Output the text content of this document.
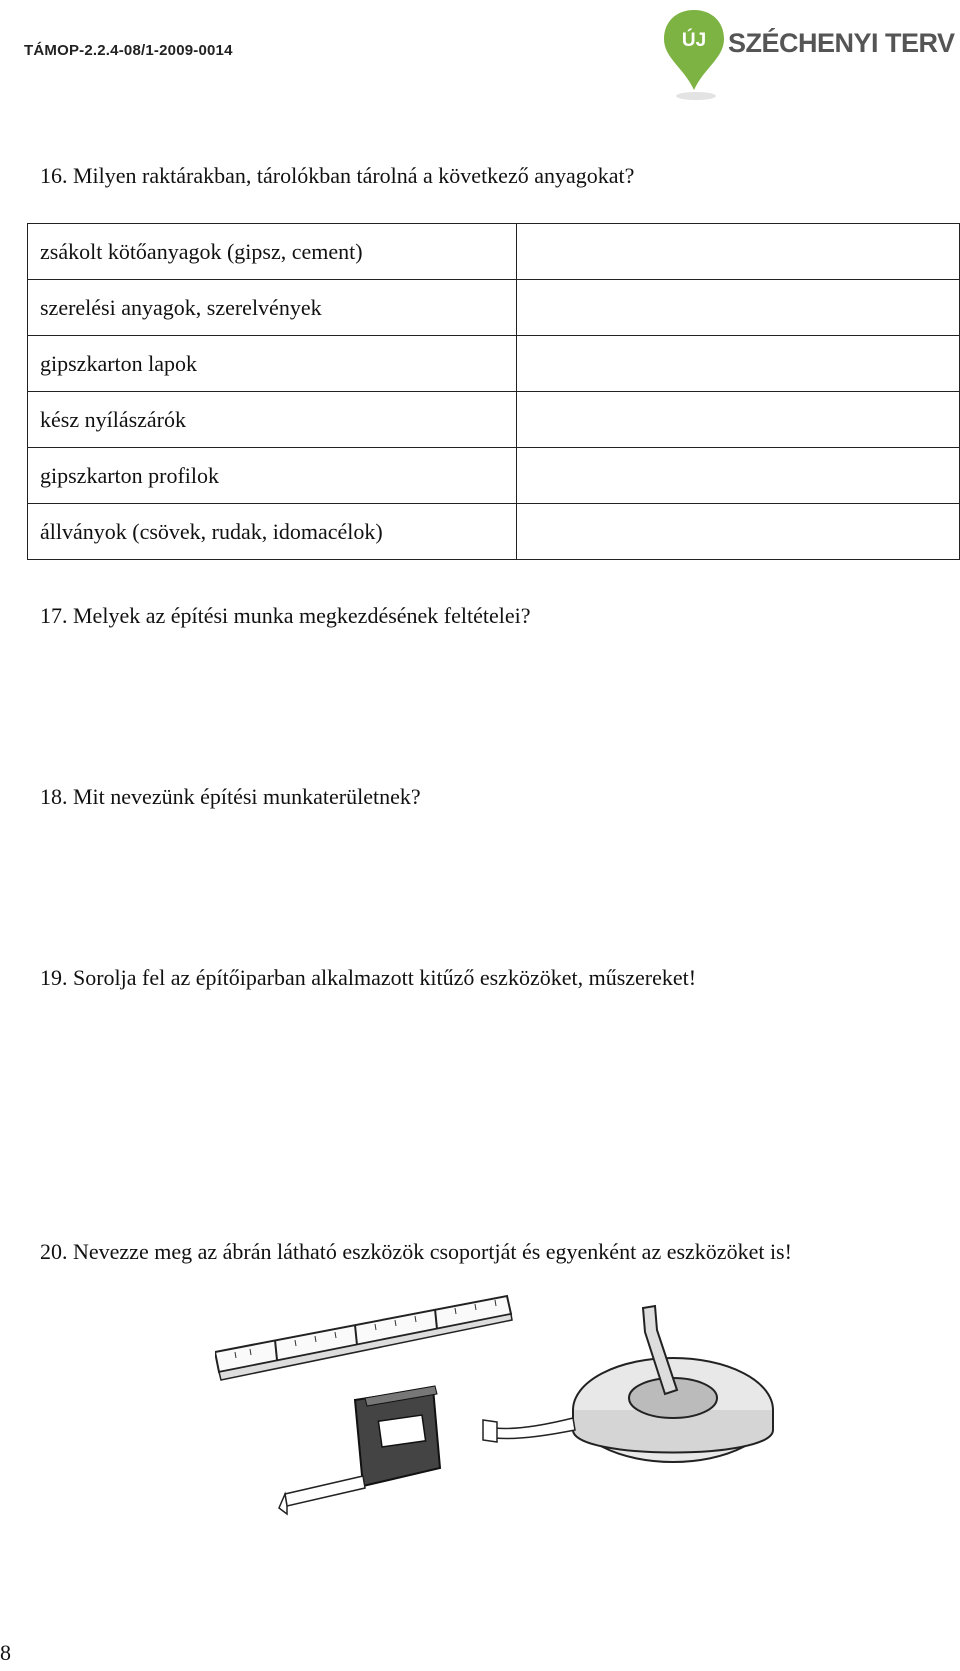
TÁMOP-2.2.4-08/1-2009-0014	ÚJ SZÉCHENYI TERV
16. Milyen raktárakban, tárolókban tárolná a következő anyagokat?
zsákolt kötőanyagok (gipsz, cement)	
szerelési anyagok, szerelvények	
gipszkarton lapok	
kész nyílászárók	
gipszkarton profilok	
állványok (csövek, rudak, idomacélok)	
17. Melyek az építési munka megkezdésének feltételei?
18. Mit nevezünk építési munkaterületnek?
19. Sorolja fel az építőiparban alkalmazott kitűző eszközöket, műszereket!
20. Nevezze meg az ábrán látható eszközök csoportját és egyenként az eszközöket is!
8
